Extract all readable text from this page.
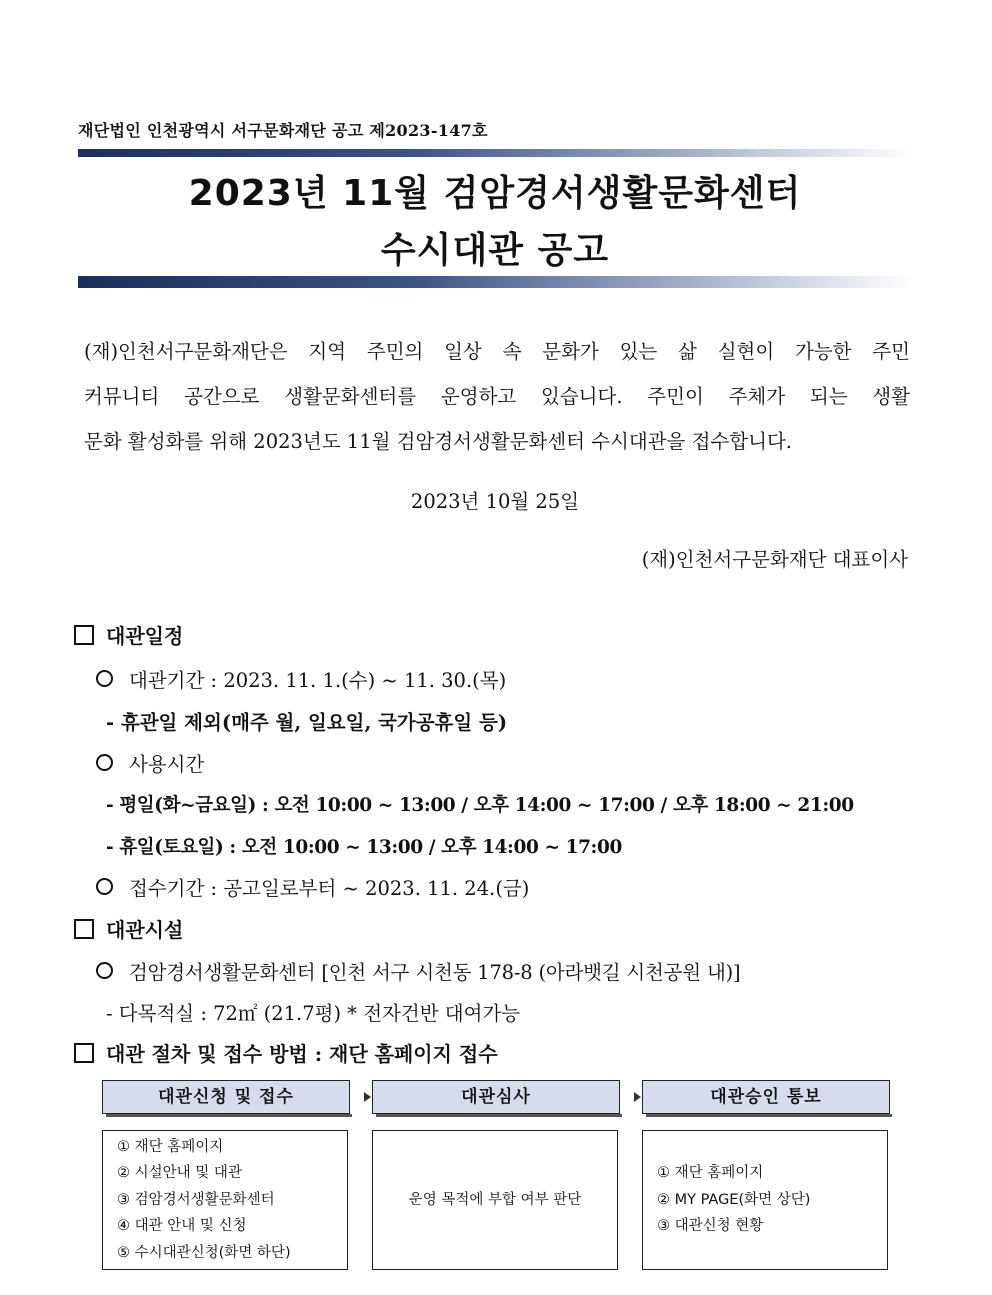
재단법인 인천광역시 서구문화재단 공고 제2023-147호
2023년 11월 검암경서생활문화센터
수시대관 공고

(재)인천서구문화재단은 지역 주민의 일상 속 문화가 있는 삶 실현이 가능한 주민

커뮤니티 공간으로 생활문화센터를 운영하고 있습니다. 주민이 주체가 되는 생활

문화 활성화를 위해 2023년도 11월 검암경서생활문화센터 수시대관을 접수합니다.

2023년 10월 25일
(재)인천서구문화재단 대표이사
대관일정
대관기간 : 2023. 11. 1.(수) ~ 11. 30.(목)
- 휴관일 제외(매주 월, 일요일, 국가공휴일 등)
사용시간
- 평일(화~금요일) : 오전 10:00 ~ 13:00 / 오후 14:00 ~ 17:00 / 오후 18:00 ~ 21:00
- 휴일(토요일) : 오전 10:00 ~ 13:00 / 오후 14:00 ~ 17:00
접수기간 : 공고일로부터 ~ 2023. 11. 24.(금)
대관시설
검암경서생활문화센터 [인천 서구 시천동 178-8 (아라뱃길 시천공원 내)]
- 다목적실 : 72㎡ (21.7평) * 전자건반 대여가능
대관 절차 및 접수 방법 : 재단 홈페이지 접수
대관신청 및 접수	대관심사	대관승인 통보
① 재단 홈페이지
② 시설안내 및 대관
③ 검암경서생활문화센터
④ 대관 안내 및 신청
⑤ 수시대관신청(화면 하단)
운영 목적에 부합 여부 판단
① 재단 홈페이지
② MY PAGE(화면 상단)
③ 대관신청 현황
